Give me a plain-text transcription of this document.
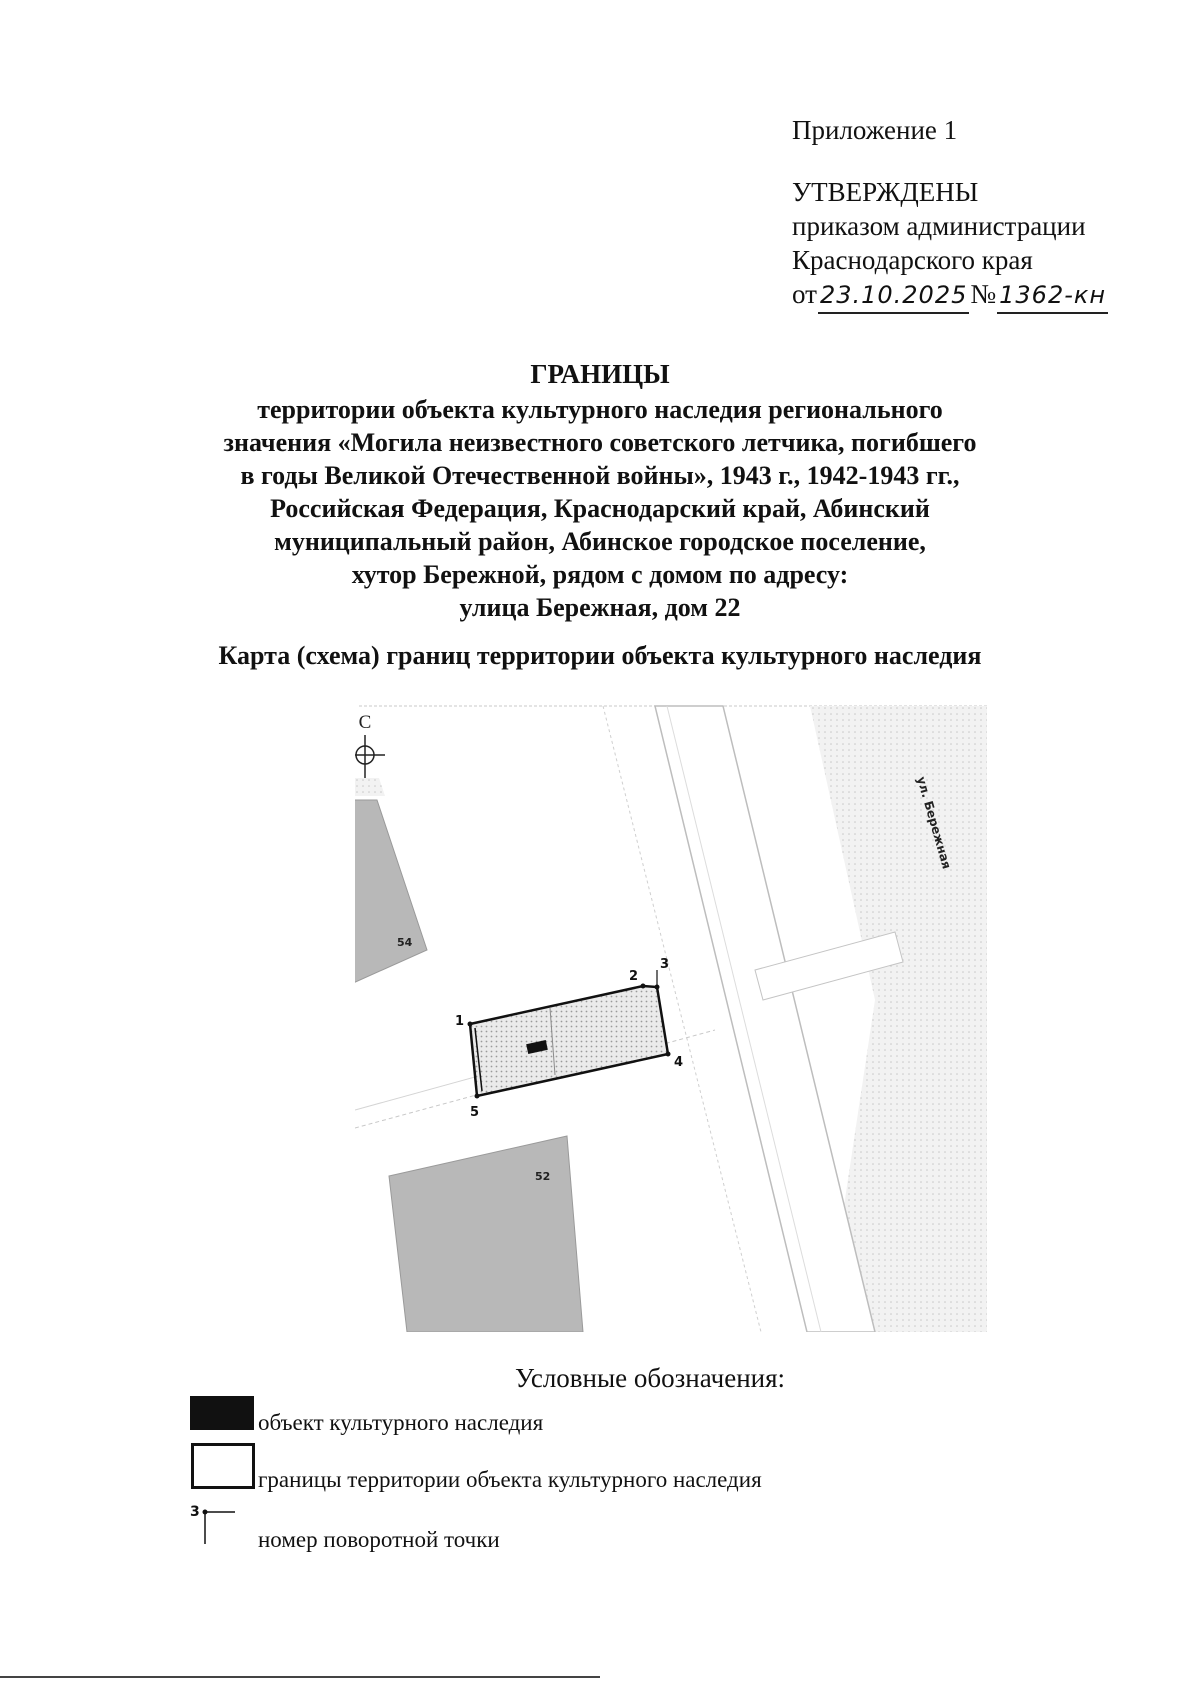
Приложение 1
УТВЕРЖДЕНЫ
приказом администрации
Краснодарского края
от 23.10.2025 № 1362-кн
ГРАНИЦЫ
территории объекта культурного наследия регионального
значения «Могила неизвестного советского летчика, погибшего
в годы Великой Отечественной войны», 1943 г., 1942-1943 гг.,
Российская Федерация, Краснодарский край, Абинский
муниципальный район, Абинское городское поселение,
хутор Бережной, рядом с домом по адресу:
улица Бережная, дом 22
Карта (схема) границ территории объекта культурного наследия
С
54
52
ул. Бережная
1
2
3
4
5
Условные обозначения:
объект культурного наследия
границы территории объекта культурного наследия
3
номер поворотной точки
